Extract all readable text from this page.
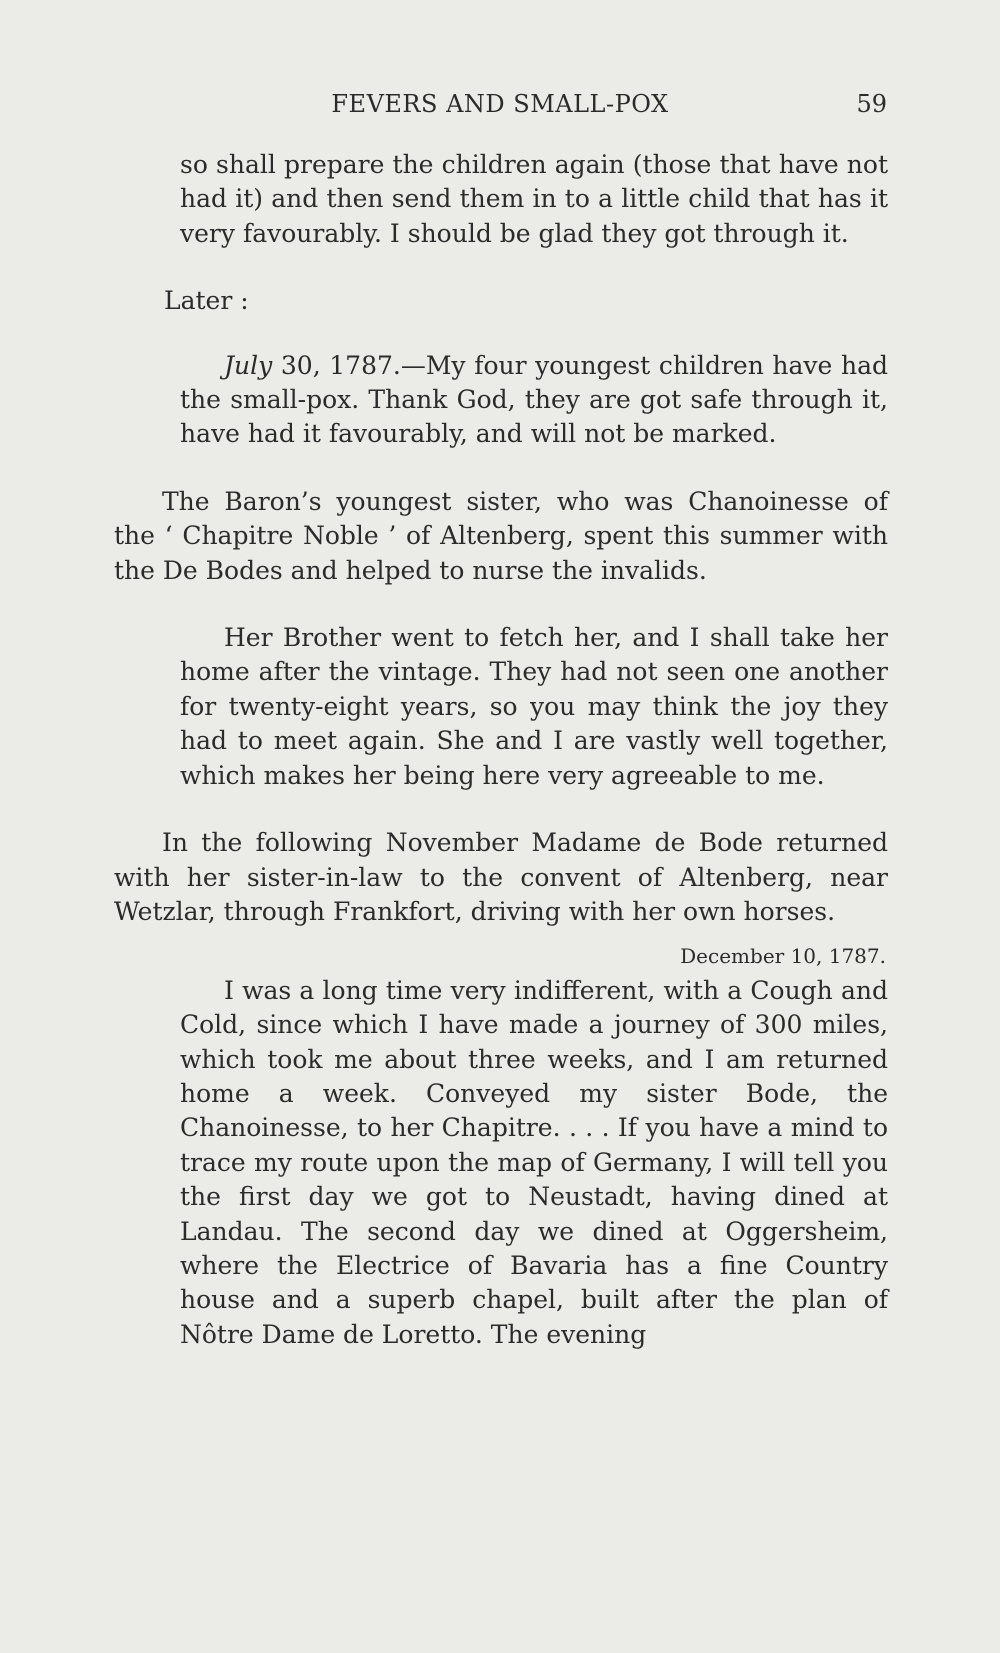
FEVERS AND SMALL-POX	59

so shall prepare the children again (those that have not had it) and then send them in to a little child that has it very favourably. I should be glad they got through it.

Later :

July 30, 1787.—My four youngest children have had the small-pox. Thank God, they are got safe through it, have had it favourably, and will not be marked.

The Baron’s youngest sister, who was Chanoinesse of the ‘ Chapitre Noble ’ of Altenberg, spent this summer with the De Bodes and helped to nurse the invalids.

Her Brother went to fetch her, and I shall take her home after the vintage. They had not seen one another for twenty-eight years, so you may think the joy they had to meet again. She and I are vastly well together, which makes her being here very agreeable to me.

In the following November Madame de Bode returned with her sister-in-law to the convent of Altenberg, near Wetzlar, through Frankfort, driving with her own horses.

December 10, 1787.

I was a long time very indifferent, with a Cough and Cold, since which I have made a journey of 300 miles, which took me about three weeks, and I am returned home a week. Conveyed my sister Bode, the Chanoinesse, to her Chapitre. . . . If you have a mind to trace my route upon the map of Germany, I will tell you the first day we got to Neustadt, having dined at Landau. The second day we dined at Oggersheim, where the Electrice of Bavaria has a fine Country house and a superb chapel, built after the plan of Nôtre Dame de Loretto. The evening
